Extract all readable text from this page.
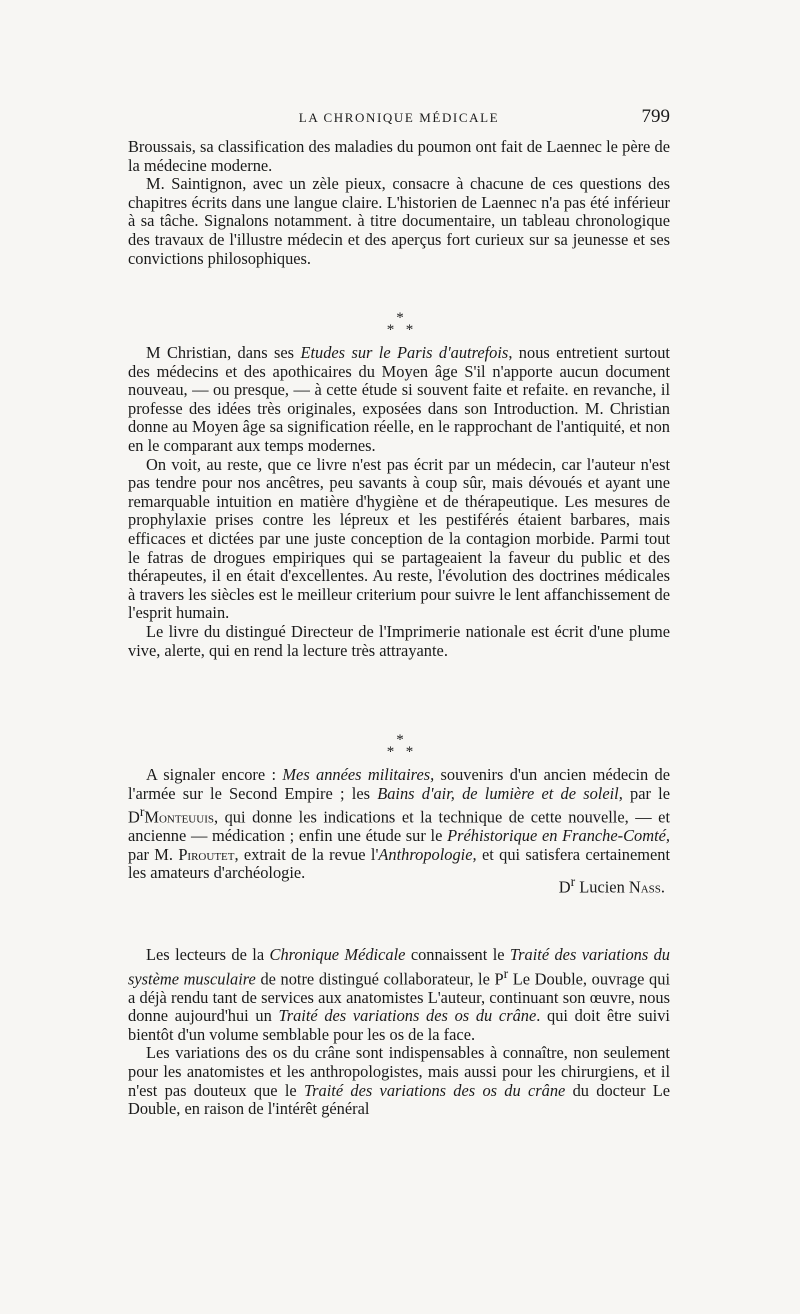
LA CHRONIQUE MÉDICALE	799

Broussais, sa classification des maladies du poumon ont fait de Laennec le père de la médecine moderne.

M. Saintignon, avec un zèle pieux, consacre à chacune de ces questions des chapitres écrits dans une langue claire. L'historien de Laennec n'a pas été inférieur à sa tâche. Signalons notamment. à titre documentaire, un tableau chronologique des travaux de l'illustre médecin et des aperçus fort curieux sur sa jeunesse et ses convictions philosophiques.

*
* *

M Christian, dans ses Etudes sur le Paris d'autrefois, nous entretient surtout des médecins et des apothicaires du Moyen âge S'il n'apporte aucun document nouveau, — ou presque, — à cette étude si souvent faite et refaite. en revanche, il professe des idées très originales, exposées dans son Introduction. M. Christian donne au Moyen âge sa signification réelle, en le rapprochant de l'antiquité, et non en le comparant aux temps modernes.

On voit, au reste, que ce livre n'est pas écrit par un médecin, car l'auteur n'est pas tendre pour nos ancêtres, peu savants à coup sûr, mais dévoués et ayant une remarquable intuition en matière d'hygiène et de thérapeutique. Les mesures de prophylaxie prises contre les lépreux et les pestiférés étaient barbares, mais efficaces et dictées par une juste conception de la contagion morbide. Parmi tout le fatras de drogues empiriques qui se partageaient la faveur du public et des thérapeutes, il en était d'excellentes. Au reste, l'évolution des doctrines médicales à travers les siècles est le meilleur criterium pour suivre le lent affanchissement de l'esprit humain.

Le livre du distingué Directeur de l'Imprimerie nationale est écrit d'une plume vive, alerte, qui en rend la lecture très attrayante.

*
* *

A signaler encore : Mes années militaires, souvenirs d'un ancien médecin de l'armée sur le Second Empire ; les Bains d'air, de lumière et de soleil, par le $D^rMonteuuis$, qui donne les indications et la technique de cette nouvelle, — et ancienne — médication ; enfin une étude sur le Préhistorique en Franche-Comté, par M. Piroutet, extrait de la revue l'Anthropologie, et qui satisfera certainement les amateurs d'archéologie.

$D^r$ Lucien Nass.

Les lecteurs de la Chronique Médicale connaissent le Traité des variations du système musculaire de notre distingué collaborateur, le $P^r$ Le Double, ouvrage qui a déjà rendu tant de services aux anatomistes L'auteur, continuant son œuvre, nous donne aujourd'hui un Traité des variations des os du crâne. qui doit être suivi bientôt d'un volume semblable pour les os de la face.

Les variations des os du crâne sont indispensables à connaître, non seulement pour les anatomistes et les anthropologistes, mais aussi pour les chirurgiens, et il n'est pas douteux que le Traité des variations des os du crâne du docteur Le Double, en raison de l'intérêt général
